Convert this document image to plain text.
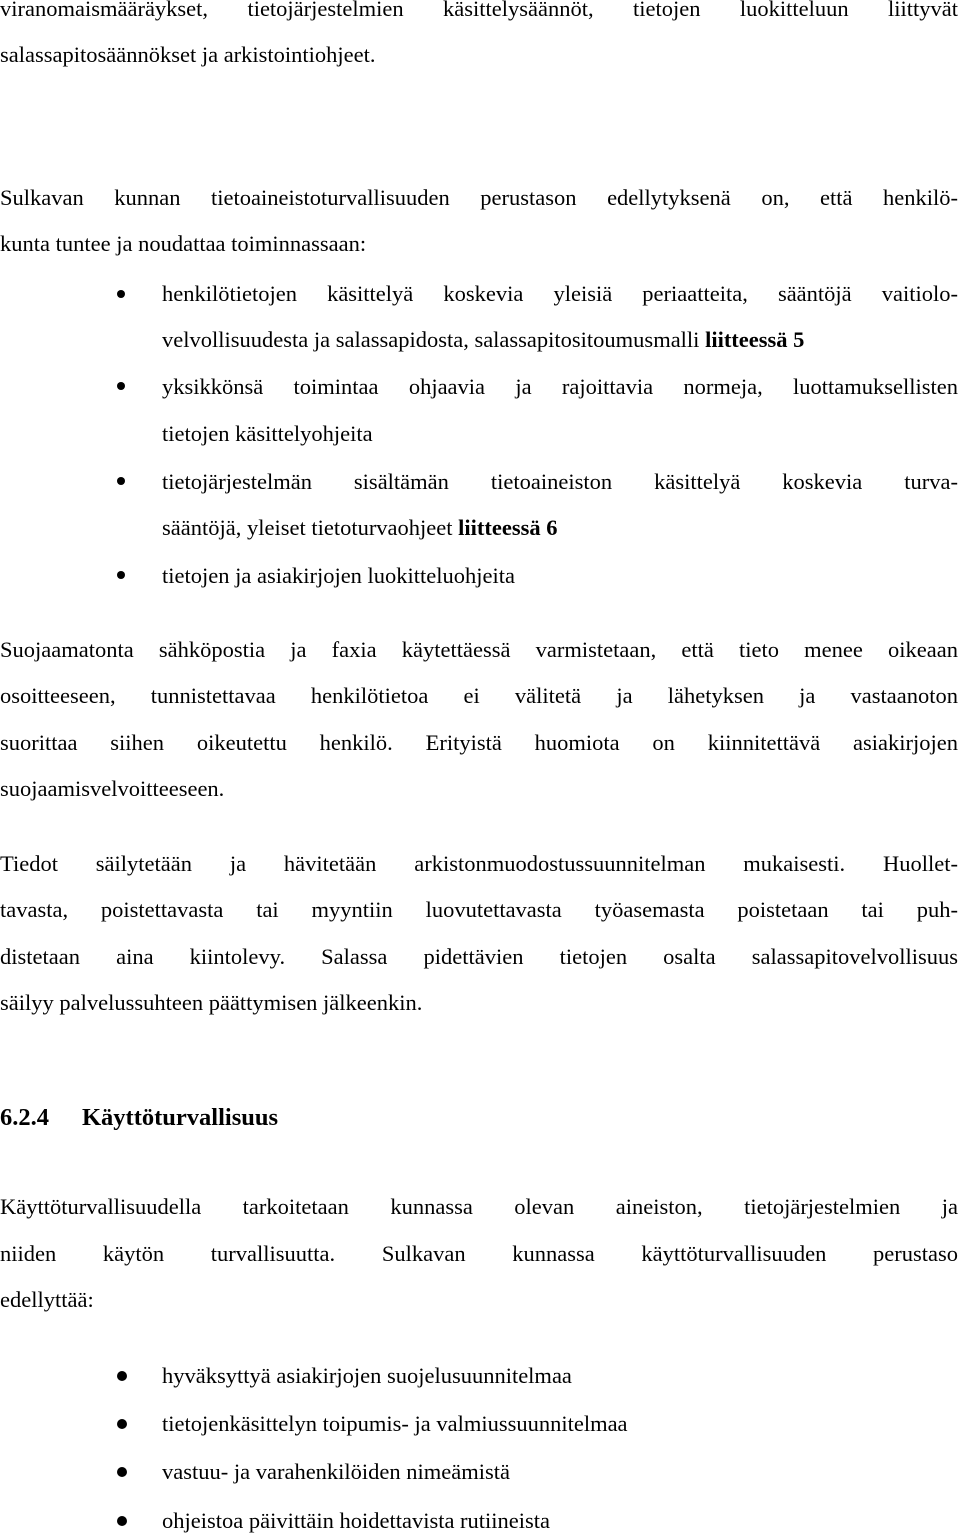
viranomaismääräykset, tietojärjestelmien käsittelysäännöt, tietojen luokitteluun liittyvät
salassapitosäännökset ja arkistointiohjeet.
Sulkavan kunnan tietoaineistoturvallisuuden perustason edellytyksenä on, että henkilö-
kunta tuntee ja noudattaa toiminnassaan:
henkilötietojen käsittelyä koskevia yleisiä periaatteita, sääntöjä vaitiolo-
velvollisuudesta ja salassapidosta, salassapitositoumusmalli liitteessä 5
yksikkönsä toimintaa ohjaavia ja rajoittavia normeja, luottamuksellisten
tietojen käsittelyohjeita
tietojärjestelmän sisältämän tietoaineiston käsittelyä koskevia turva-
sääntöjä, yleiset tietoturvaohjeet liitteessä 6
tietojen ja asiakirjojen luokitteluohjeita
Suojaamatonta sähköpostia ja faxia käytettäessä varmistetaan, että tieto menee oikeaan
osoitteeseen, tunnistettavaa henkilötietoa ei välitetä ja lähetyksen ja vastaanoton
suorittaa siihen oikeutettu henkilö. Erityistä huomiota on kiinnitettävä asiakirjojen
suojaamisvelvoitteeseen.
Tiedot säilytetään ja hävitetään arkistonmuodostussuunnitelman mukaisesti. Huollet-
tavasta, poistettavasta tai myyntiin luovutettavasta työasemasta poistetaan tai puh-
distetaan aina kiintolevy. Salassa pidettävien tietojen osalta salassapitovelvollisuus
säilyy palvelussuhteen päättymisen jälkeenkin.
6.2.4 Käyttöturvallisuus
Käyttöturvallisuudella tarkoitetaan kunnassa olevan aineiston, tietojärjestelmien ja
niiden käytön turvallisuutta. Sulkavan kunnassa käyttöturvallisuuden perustaso
edellyttää:
hyväksyttyä asiakirjojen suojelusuunnitelmaa
tietojenkäsittelyn toipumis- ja valmiussuunnitelmaa
vastuu- ja varahenkilöiden nimeämistä
ohjeistoa päivittäin hoidettavista rutiineista
